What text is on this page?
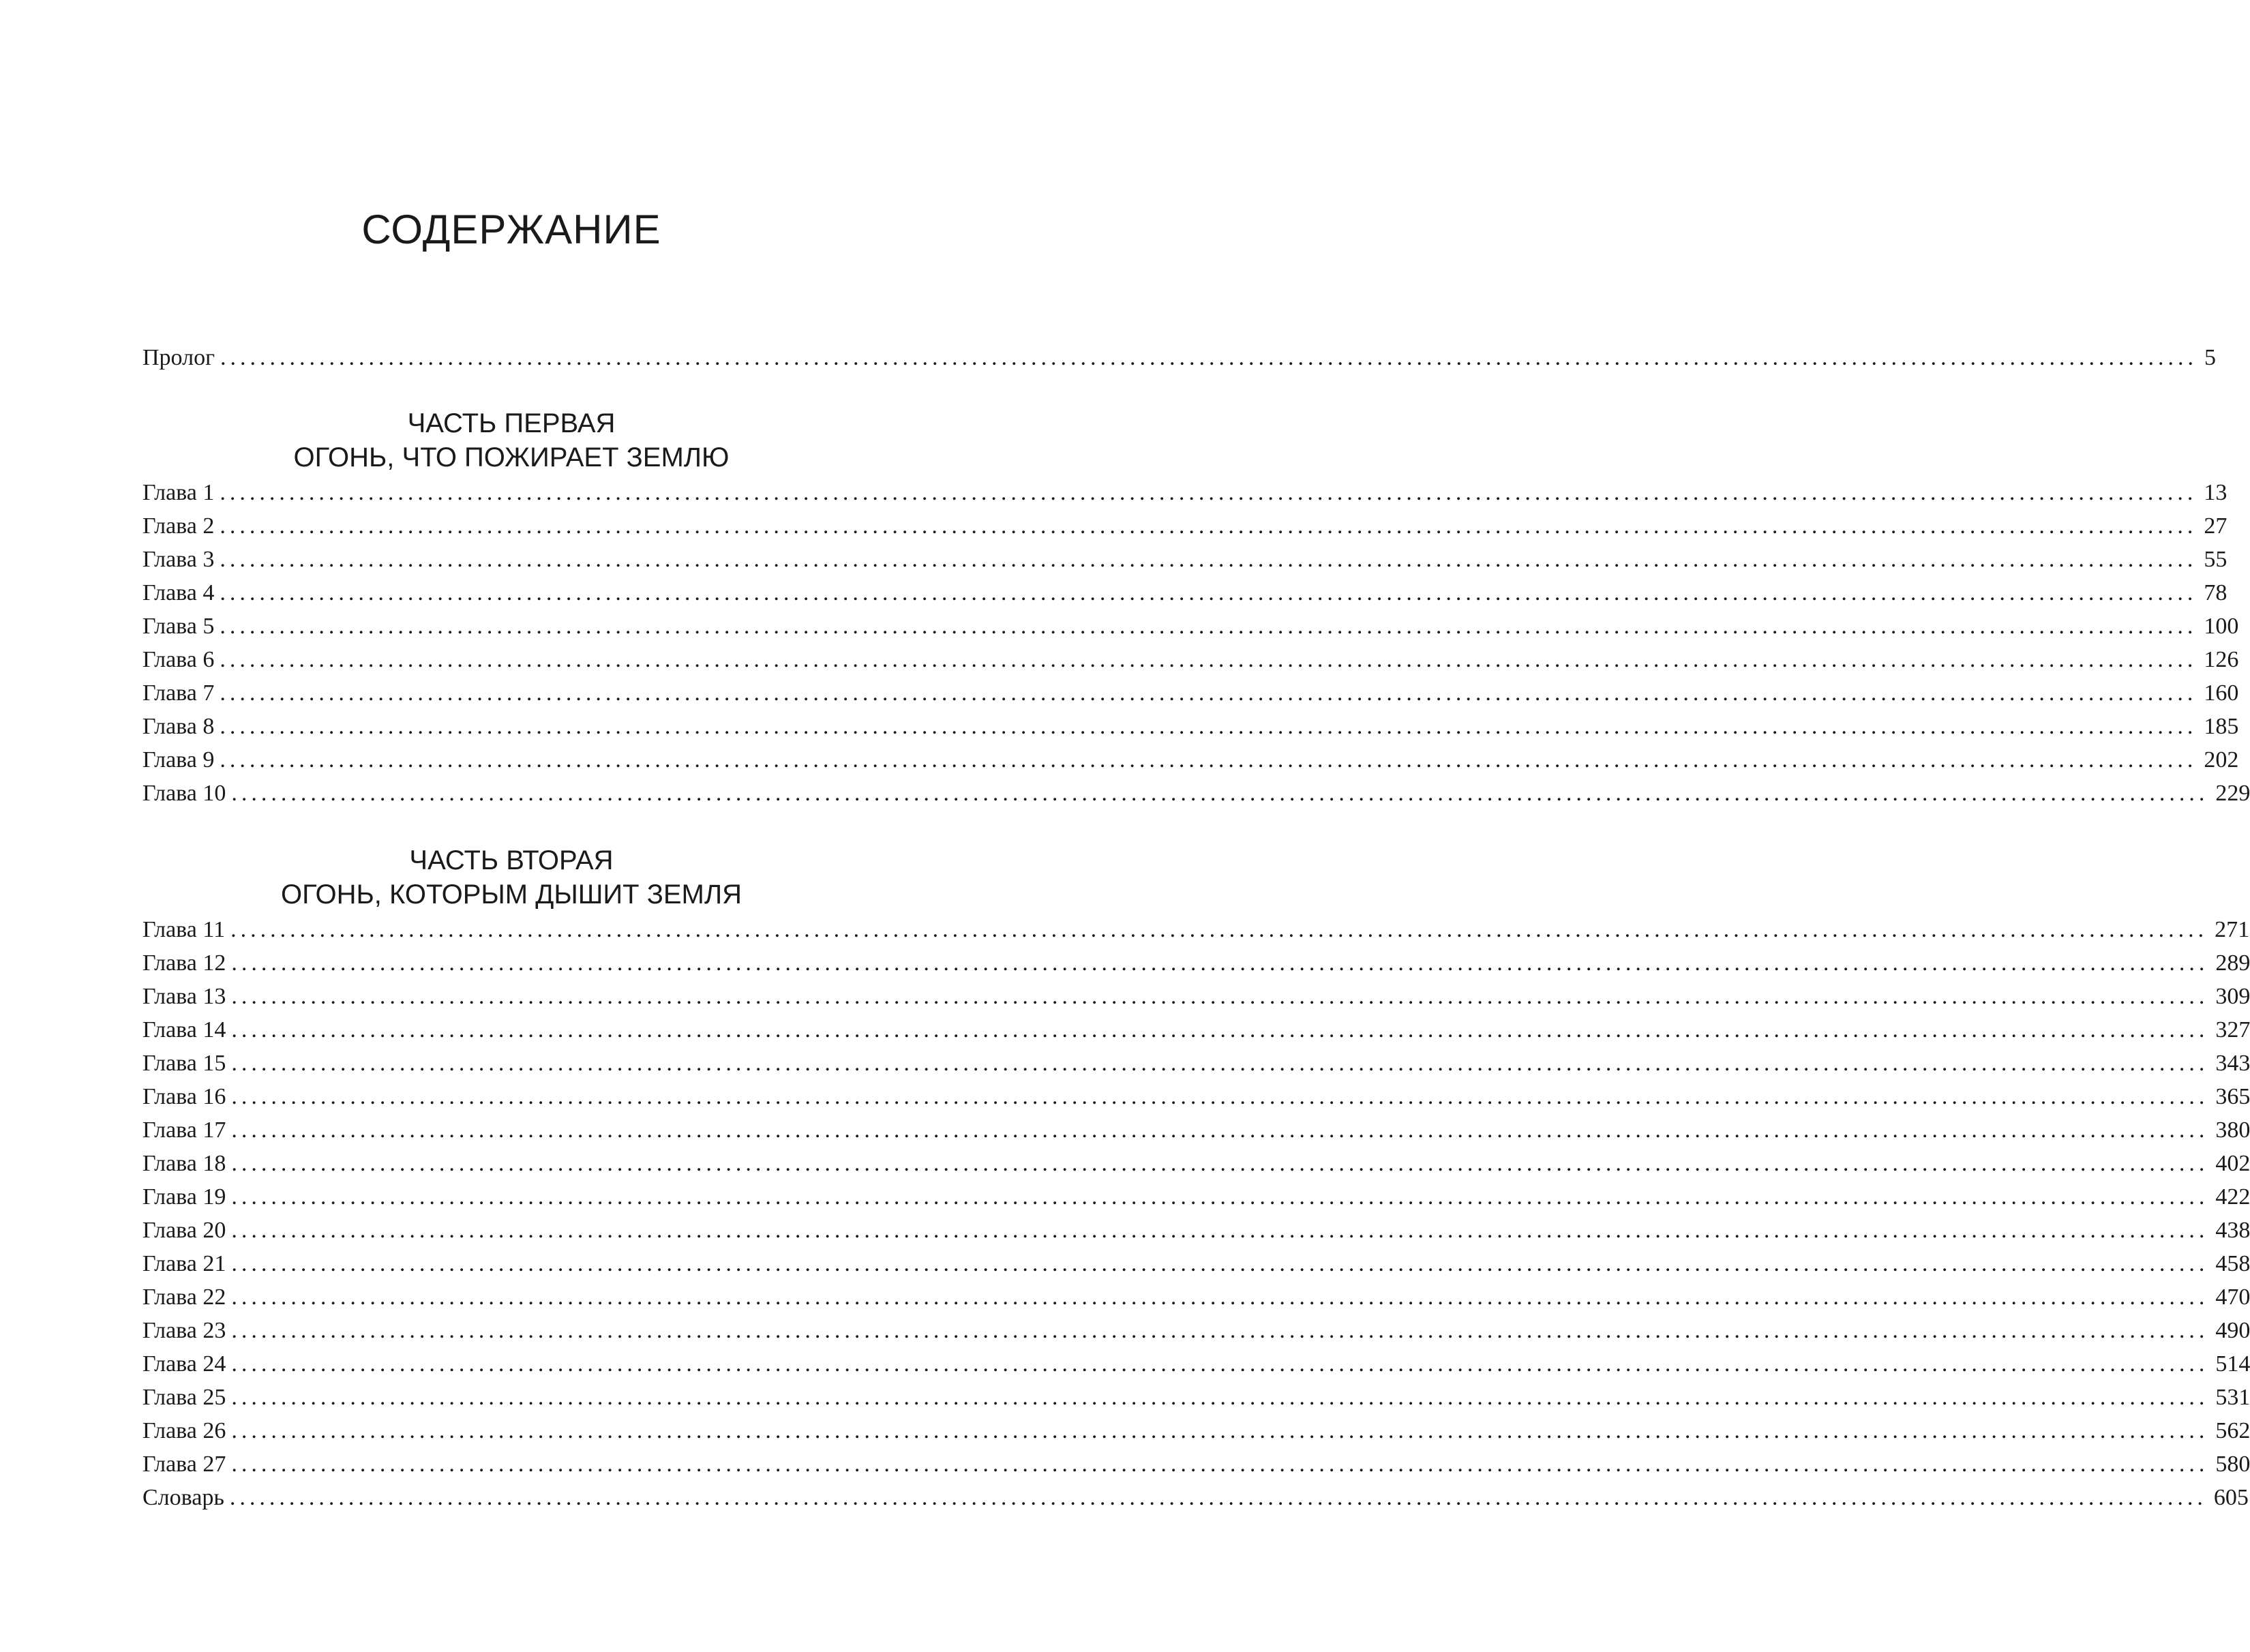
СОДЕРЖАНИЕ
Пролог ........................................................................................................................................................................................................ 5
ЧАСТЬ ПЕРВАЯ
ОГОНЬ, ЧТО ПОЖИРАЕТ ЗЕМЛЮ
Глава 1 ........................................................................................................................................................................................................ 13
Глава 2 ........................................................................................................................................................................................................ 27
Глава 3 ........................................................................................................................................................................................................ 55
Глава 4 ........................................................................................................................................................................................................ 78
Глава 5 ........................................................................................................................................................................................................ 100
Глава 6 ........................................................................................................................................................................................................ 126
Глава 7 ........................................................................................................................................................................................................ 160
Глава 8 ........................................................................................................................................................................................................ 185
Глава 9 ........................................................................................................................................................................................................ 202
Глава 10 ........................................................................................................................................................................................................ 229
ЧАСТЬ ВТОРАЯ
ОГОНЬ, КОТОРЫМ ДЫШИТ ЗЕМЛЯ
Глава 11 ........................................................................................................................................................................................................ 271
Глава 12 ........................................................................................................................................................................................................ 289
Глава 13 ........................................................................................................................................................................................................ 309
Глава 14 ........................................................................................................................................................................................................ 327
Глава 15 ........................................................................................................................................................................................................ 343
Глава 16 ........................................................................................................................................................................................................ 365
Глава 17 ........................................................................................................................................................................................................ 380
Глава 18 ........................................................................................................................................................................................................ 402
Глава 19 ........................................................................................................................................................................................................ 422
Глава 20 ........................................................................................................................................................................................................ 438
Глава 21 ........................................................................................................................................................................................................ 458
Глава 22 ........................................................................................................................................................................................................ 470
Глава 23 ........................................................................................................................................................................................................ 490
Глава 24 ........................................................................................................................................................................................................ 514
Глава 25 ........................................................................................................................................................................................................ 531
Глава 26 ........................................................................................................................................................................................................ 562
Глава 27 ........................................................................................................................................................................................................ 580
Словарь ........................................................................................................................................................................................................ 605
